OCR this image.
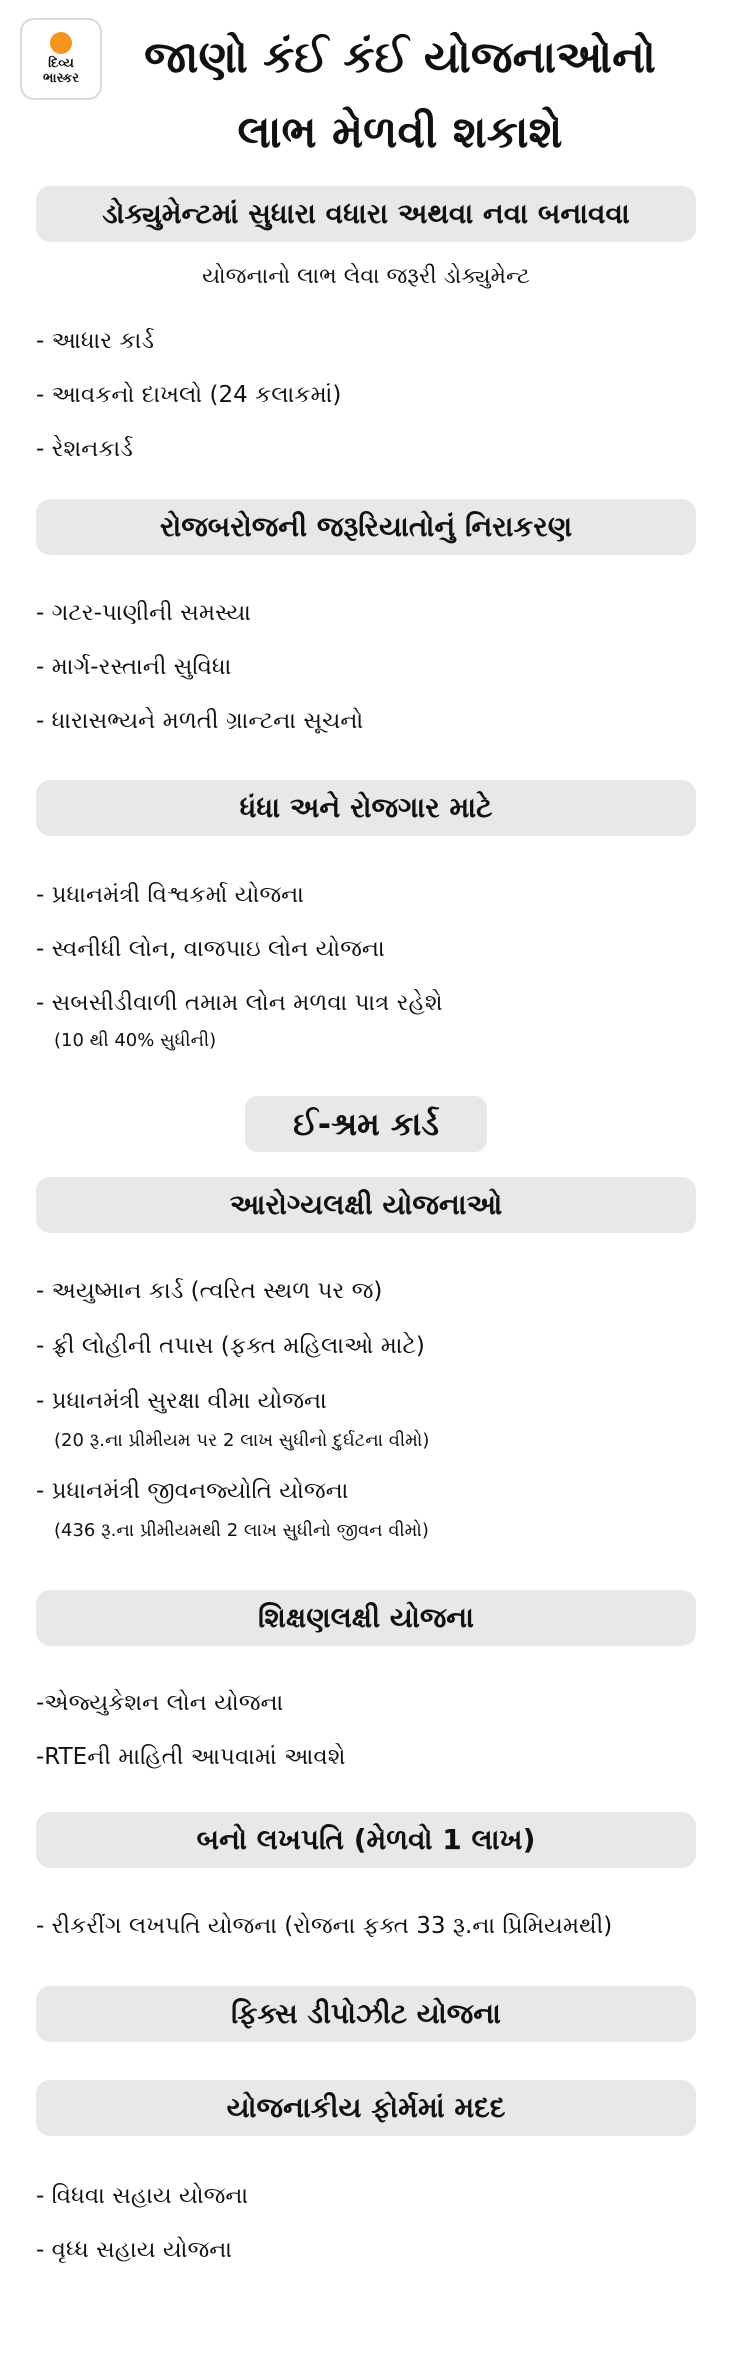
દિવ્ય
ભાસ્કર	જાણો કંઈ કંઈ યોજનાઓનો
લાભ મેળવી શકાશે
ડોક્યુમેન્ટમાં સુધારા વધારા અથવા નવા બનાવવા
યોજનાનો લાભ લેવા જરૂરી ડોક્યુમેન્ટ
- આધાર કાર્ડ
- આવકનો દાખલો (24 કલાકમાં)
- રેશનકાર્ડ
રોજબરોજની જરૂરિયાતોનું નિરાકરણ
- ગટર-પાણીની સમસ્યા
- માર્ગ-રસ્તાની સુવિધા
- ધારાસભ્યને મળતી ગ્રાન્ટના સૂચનો
ધંધા અને રોજગાર માટે
- પ્રધાનમંત્રી વિશ્વકર્મા યોજના
- સ્વનીધી લોન, વાજપાઇ લોન યોજના
- સબસીડીવાળી તમામ લોન મળવા પાત્ર રહેશે
(10 થી 40% સુધીની)
ઈ-શ્રમ કાર્ડ
આરોગ્યલક્ષી યોજનાઓ
- અયુષ્માન કાર્ડ (ત્વરિત સ્થળ પર જ)
- ફ્રી લોહીની તપાસ (ફક્ત મહિલાઓ માટે)
- પ્રધાનમંત્રી સુરક્ષા વીમા યોજના
(20 રૂ.ના પ્રીમીયમ પર 2 લાખ સુધીનો દુર્ઘટના વીમો)
- પ્રધાનમંત્રી જીવનજ્યોતિ યોજના
(436 રૂ.ના પ્રીમીયમથી 2 લાખ સુધીનો જીવન વીમો)
શિક્ષણલક્ષી યોજના
-એજ્યુકેશન લોન યોજના
-RTEની માહિતી આપવામાં આવશે
બનો લખપતિ (મેળવો 1 લાખ)
- રીકરીંગ લખપતિ યોજના (રોજના ફક્ત 33 રૂ.ના પ્રિમિયમથી)
ફિક્સ ડીપોઝીટ યોજના
યોજનાકીય ફોર્મમાં મદદ
- વિધવા સહાય યોજના
- વૃધ્ધ સહાય યોજના
